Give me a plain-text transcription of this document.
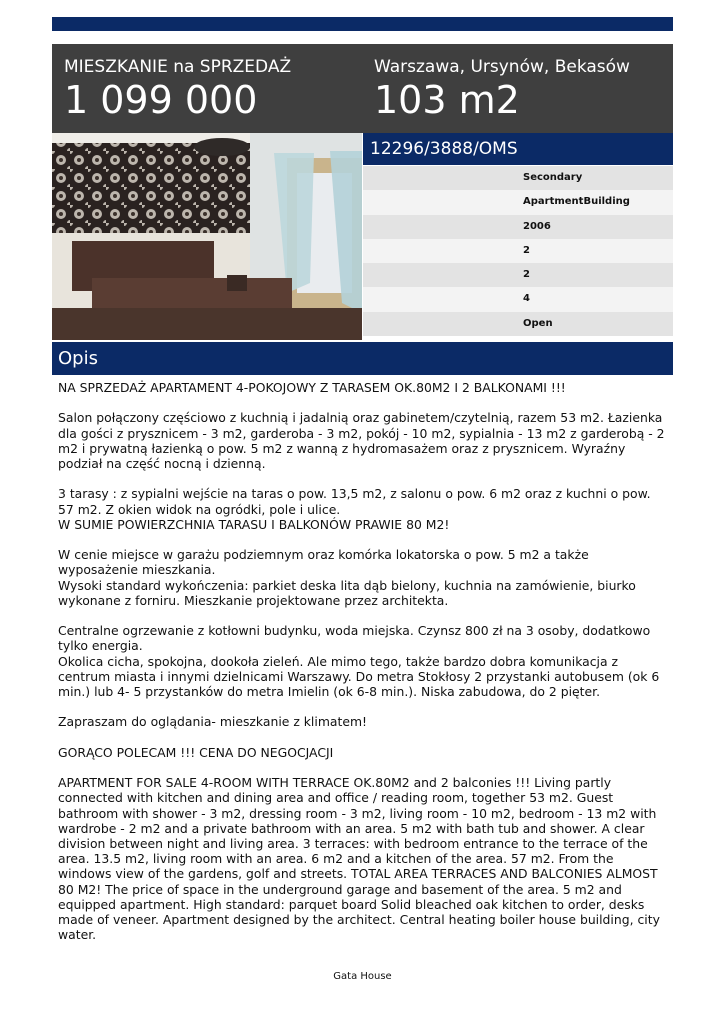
MIESZKANIE na SPRZEDAŻ
1 099 000
Warszawa, Ursynów, Bekasów
103 m2
12296/3888/OMS
Secondary
ApartmentBuilding
2006
2
2
4
Open
Opis

NA SPRZEDAŻ APARTAMENT 4-POKOJOWY Z TARASEM OK.80M2 I 2 BALKONAMI !!!

Salon połączony częściowo z kuchnią i jadalnią oraz gabinetem/czytelnią, razem 53 m2. Łazienka dla gości z prysznicem - 3 m2, garderoba - 3 m2, pokój - 10 m2, sypialnia - 13 m2 z garderobą - 2 m2 i prywatną łazienką o pow. 5 m2 z wanną z hydromasażem oraz z prysznicem. Wyraźny podział na część nocną i dzienną.

3 tarasy : z sypialni wejście na taras o pow. 13,5 m2, z salonu o pow. 6 m2 oraz z kuchni o pow. 57 m2. Z okien widok na ogródki, pole i ulice.

W SUMIE POWIERZCHNIA TARASU I BALKONÓW PRAWIE 80 M2!

W cenie miejsce w garażu podziemnym oraz komórka lokatorska o pow. 5 m2 a także wyposażenie mieszkania.

Wysoki standard wykończenia: parkiet deska lita dąb bielony, kuchnia na zamówienie, biurko wykonane z forniru. Mieszkanie projektowane przez architekta.

Centralne ogrzewanie z kotłowni budynku, woda miejska. Czynsz 800 zł na 3 osoby, dodatkowo tylko energia.

Okolica cicha, spokojna, dookoła zieleń. Ale mimo tego, także bardzo dobra komunikacja z centrum miasta i innymi dzielnicami Warszawy. Do metra Stokłosy 2 przystanki autobusem (ok 6 min.) lub 4- 5 przystanków do metra Imielin (ok 6-8 min.). Niska zabudowa, do 2 pięter.

Zapraszam do oglądania- mieszkanie z klimatem!

GORĄCO POLECAM !!! CENA DO NEGOCJACJI

APARTMENT FOR SALE 4-ROOM WITH TERRACE OK.80M2 and 2 balconies !!! Living partly connected with kitchen and dining area and office / reading room, together 53 m2. Guest bathroom with shower - 3 m2, dressing room - 3 m2, living room - 10 m2, bedroom - 13 m2 with wardrobe - 2 m2 and a private bathroom with an area. 5 m2 with bath tub and shower. A clear division between night and living area. 3 terraces: with bedroom entrance to the terrace of the area. 13.5 m2, living room with an area. 6 m2 and a kitchen of the area. 57 m2. From the windows view of the gardens, golf and streets. TOTAL AREA TERRACES AND BALCONIES ALMOST 80 M2! The price of space in the underground garage and basement of the area. 5 m2 and equipped apartment. High standard: parquet board Solid bleached oak kitchen to order, desks made of veneer. Apartment designed by the architect. Central heating boiler house building, city water.

Gata House
